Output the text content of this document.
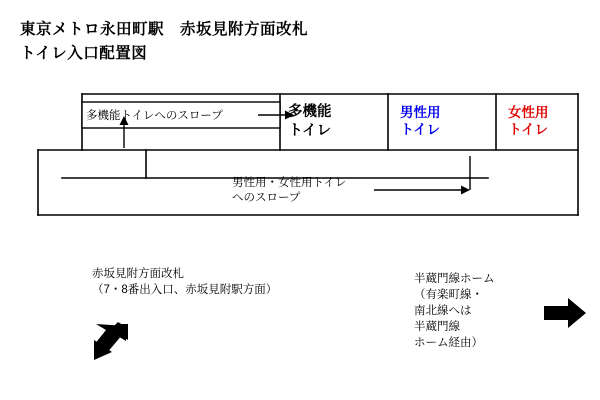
東京メトロ永田町駅　赤坂見附方面改札
トイレ入口配置図
多機能
トイレ
男性用
トイレ
女性用
トイレ
多機能トイレへのスロープ
男性用・女性用トイレ
へのスロープ
赤坂見附方面改札
（7・8番出入口、赤坂見附駅方面）
半蔵門線ホーム
（有楽町線・
南北線へは
半蔵門線
ホーム経由）
